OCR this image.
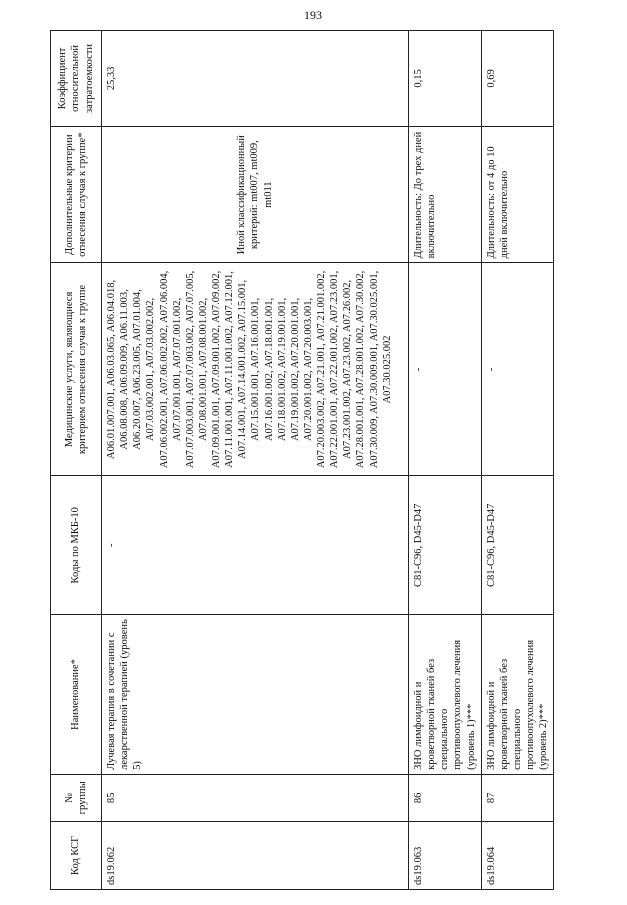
193
Код КСГ	№ группы	Наименование*	Коды по МКБ-10	Медицинские услуги, являющиеся критерием отнесения случая к группе	Дополнительные критерии отнесения случая к группе*	Коэффициент относительной затратоемкости
ds19.062	85	Лучевая терапия в сочетании с лекарственной терапией (уровень 5)	-	A06.01.007.001, A06.03.065, A06.04.018, A06.08.008, A06.09.009, A06.11.003, A06.20.007, A06.23.005, A07.01.004, A07.03.002.001, A07.03.002.002, A07.06.002.001, A07.06.002.002, A07.06.004, A07.07.001.001, A07.07.001.002, A07.07.003.001, A07.07.003.002, A07.07.005, A07.08.001.001, A07.08.001.002, A07.09.001.001, A07.09.001.002, A07.09.002, A07.11.001.001, A07.11.001.002, A07.12.001, A07.14.001, A07.14.001.002, A07.15.001, A07.15.001.001, A07.16.001.001, A07.16.001.002, A07.18.001.001, A07.18.001.002, A07.19.001.001, A07.19.001.002, A07.20.001.001, A07.20.001.002, A07.20.003.001, A07.20.003.002, A07.21.001, A07.21.001.002, A07.22.001.001, A07.22.001.002, A07.23.001, A07.23.001.002, A07.23.002, A07.26.002, A07.28.001.001, A07.28.001.002, A07.30.002, A07.30.009, A07.30.009.001, A07.30.025.001, A07.30.025.002	Иной классификационный критерий: mt007, mt009, mt011	25,33
ds19.063	86	ЗНО лимфоидной и кроветворной тканей без специального противоопухолевого лечения (уровень 1)***	C81-C96, D45-D47	-	Длительность: До трех дней включительно	0,15
ds19.064	87	ЗНО лимфоидной и кроветворной тканей без специального противоопухолевого лечения (уровень 2)***	C81-C96, D45-D47	-	Длительность: от 4 до 10 дней включительно	0,69
